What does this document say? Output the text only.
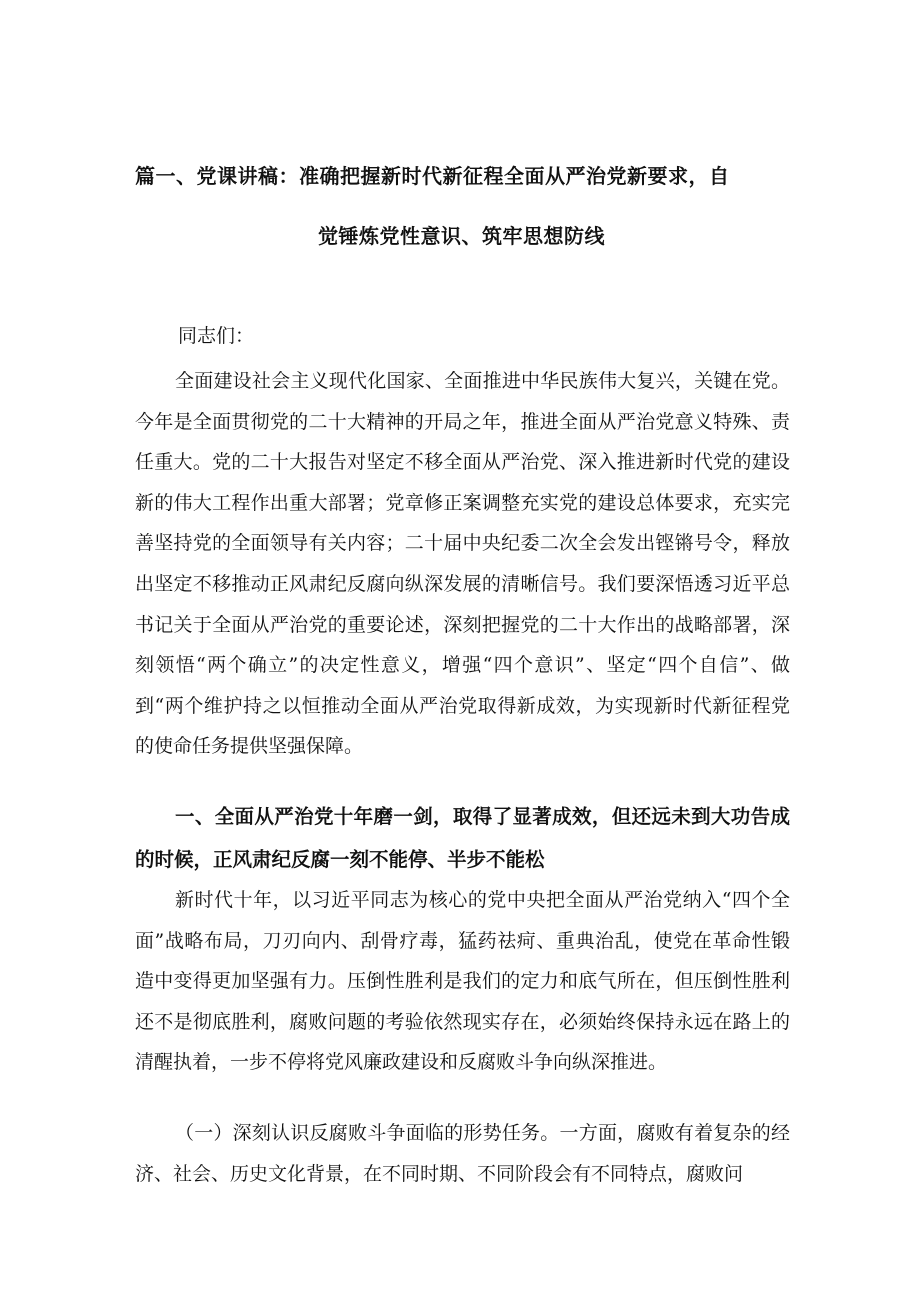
篇一、党课讲稿：准确把握新时代新征程全面从严治党新要求，自
觉锤炼党性意识、筑牢思想防线
同志们：

全面建设社会主义现代化国家、全面推进中华民族伟大复兴，关键在党。今年是全面贯彻党的二十大精神的开局之年，推进全面从严治党意义特殊、责任重大。党的二十大报告对坚定不移全面从严治党、深入推进新时代党的建设新的伟大工程作出重大部署；党章修正案调整充实党的建设总体要求，充实完善坚持党的全面领导有关内容；二十届中央纪委二次全会发出铿锵号令，释放出坚定不移推动正风肃纪反腐向纵深发展的清晰信号。我们要深悟透习近平总书记关于全面从严治党的重要论述，深刻把握党的二十大作出的战略部署，深刻领悟“两个确立”的决定性意义，增强“四个意识”、坚定“四个自信”、做到“两个维护持之以恒推动全面从严治党取得新成效，为实现新时代新征程党的使命任务提供坚强保障。

一、全面从严治党十年磨一剑，取得了显著成效，但还远未到大功告成的时候，正风肃纪反腐一刻不能停、半步不能松

新时代十年，以习近平同志为核心的党中央把全面从严治党纳入“四个全面”战略布局，刀刃向内、刮骨疗毒，猛药祛疴、重典治乱，使党在革命性锻造中变得更加坚强有力。压倒性胜利是我们的定力和底气所在，但压倒性胜利还不是彻底胜利，腐败问题的考验依然现实存在，必须始终保持永远在路上的清醒执着，一步不停将党风廉政建设和反腐败斗争向纵深推进。

（一）深刻认识反腐败斗争面临的形势任务。一方面，腐败有着复杂的经济、社会、历史文化背景，在不同时期、不同阶段会有不同特点，腐败问
